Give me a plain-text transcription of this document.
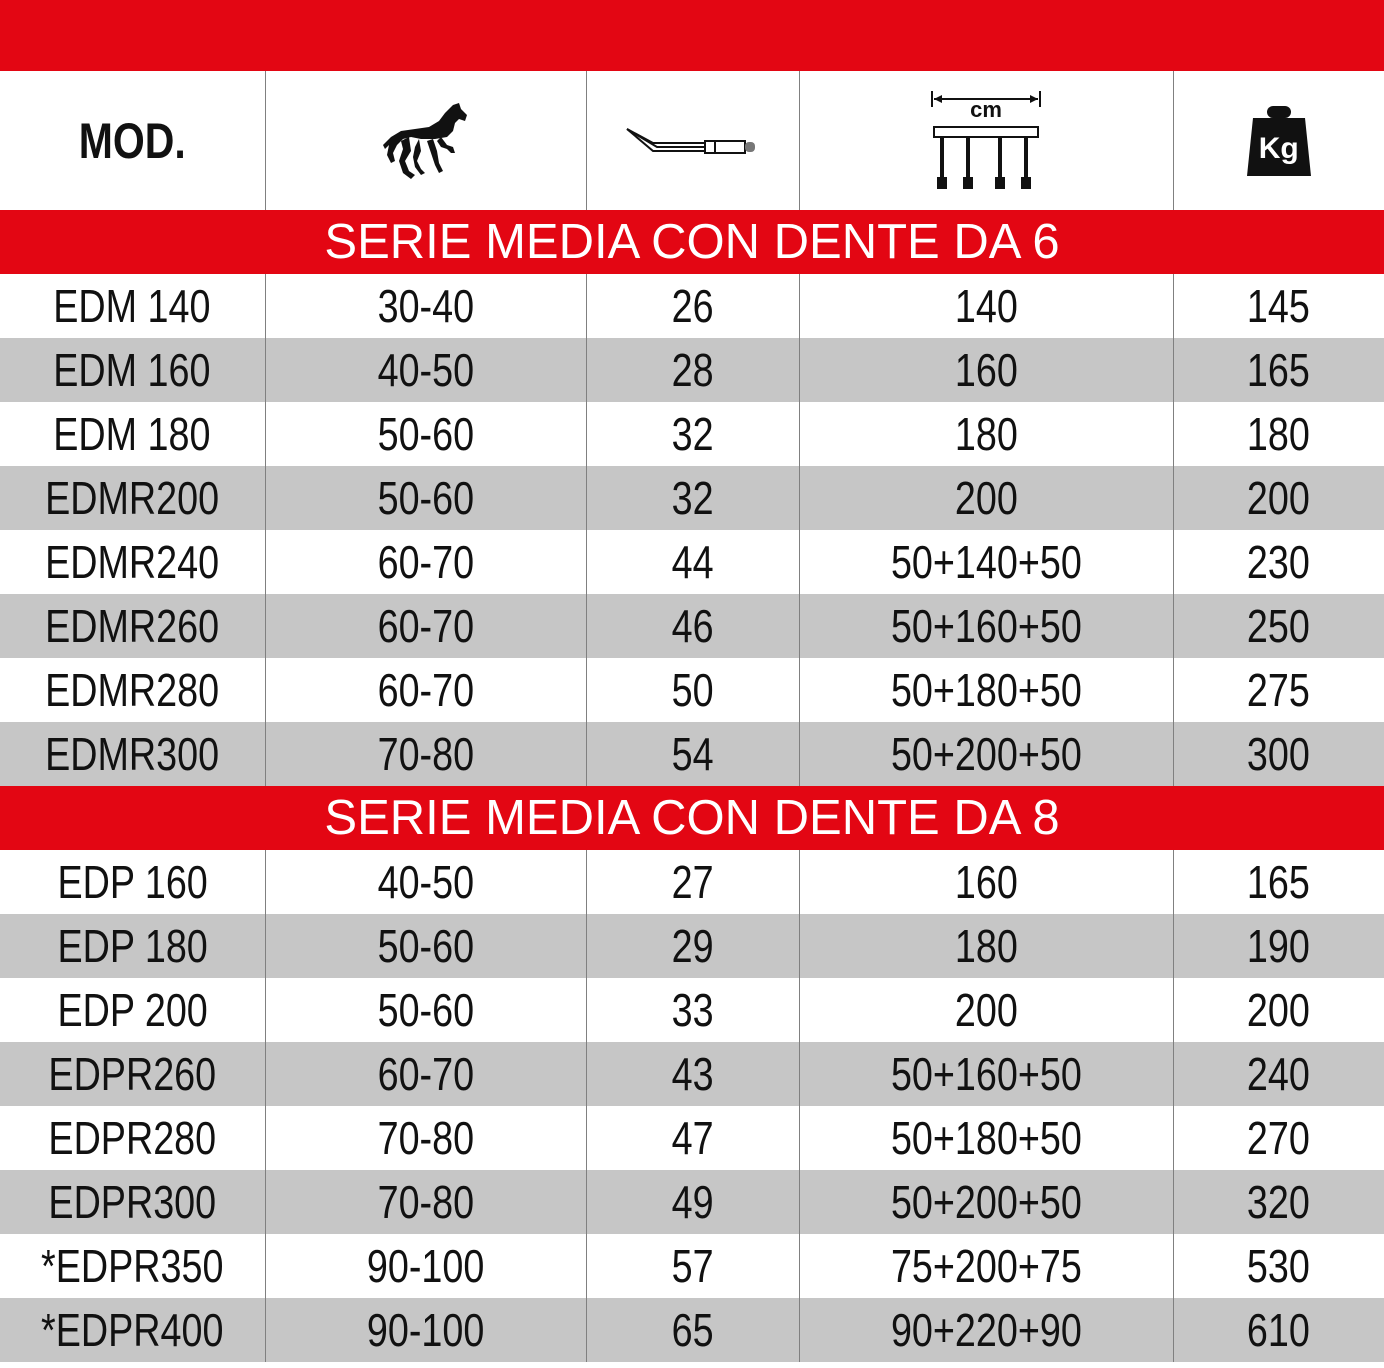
MOD.			cm	Kg

SERIE MEDIA CON DENTE DA 6				
EDM 140	30-40	26	140	145
EDM 160	40-50	28	160	165
EDM 180	50-60	32	180	180
EDMR200	50-60	32	200	200
EDMR240	60-70	44	50+140+50	230
EDMR260	60-70	46	50+160+50	250
EDMR280	60-70	50	50+180+50	275
EDMR300	70-80	54	50+200+50	300
SERIE MEDIA CON DENTE DA 8				
EDP 160	40-50	27	160	165
EDP 180	50-60	29	180	190
EDP 200	50-60	33	200	200
EDPR260	60-70	43	50+160+50	240
EDPR280	70-80	47	50+180+50	270
EDPR300	70-80	49	50+200+50	320
*EDPR350	90-100	57	75+200+75	530
*EDPR400	90-100	65	90+220+90	610
